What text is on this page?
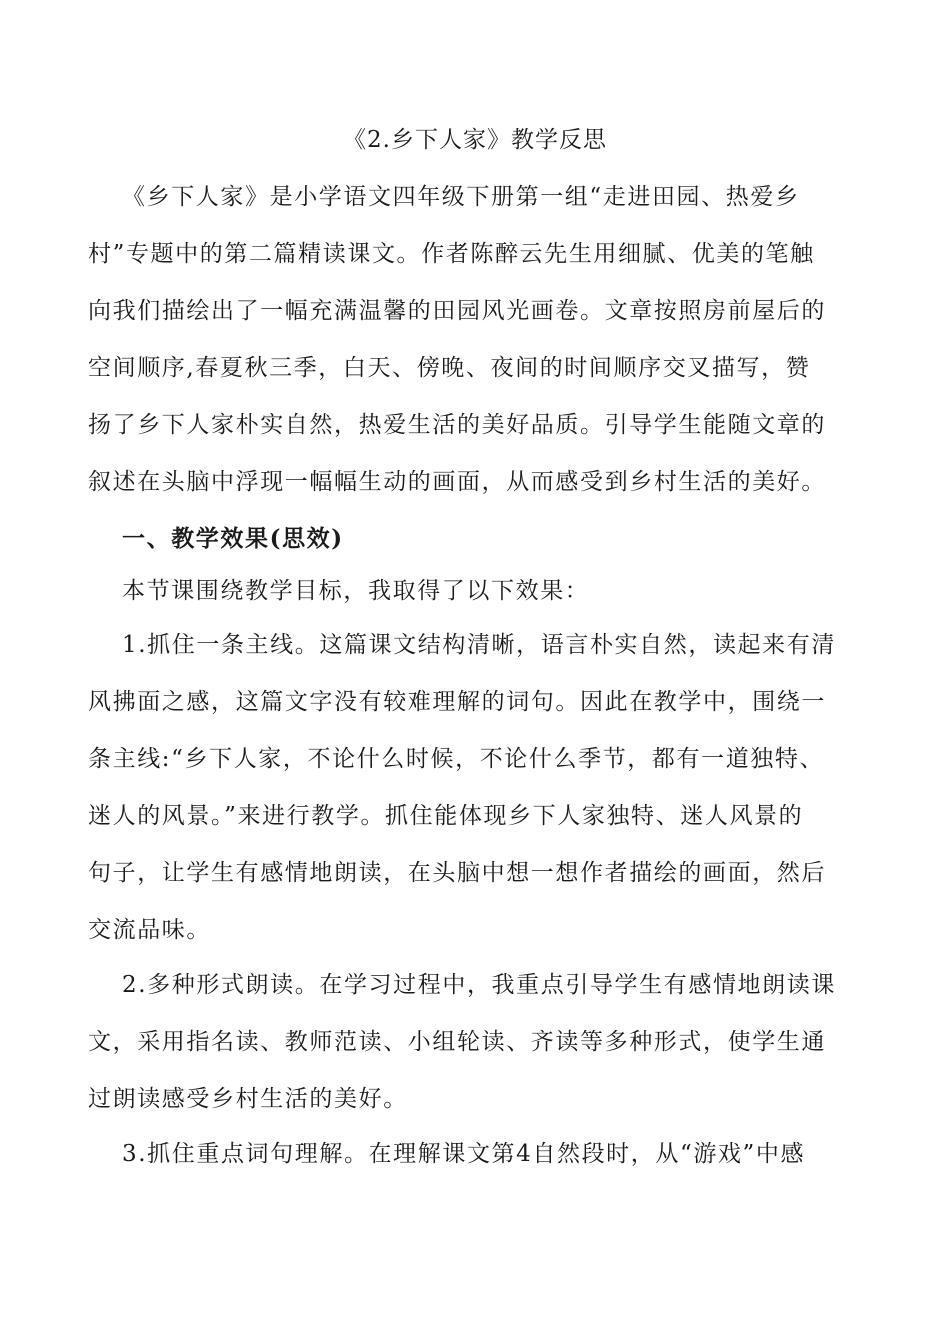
《2.乡下人家》教学反思
《乡下人家》是小学语文四年级下册第一组“走进田园、热爱乡
村”专题中的第二篇精读课文。作者陈醉云先生用细腻、优美的笔触
向我们描绘出了一幅充满温馨的田园风光画卷。文章按照房前屋后的
空间顺序,春夏秋三季，白天、傍晚、夜间的时间顺序交叉描写，赞
扬了乡下人家朴实自然，热爱生活的美好品质。引导学生能随文章的
叙述在头脑中浮现一幅幅生动的画面，从而感受到乡村生活的美好。
一、教学效果(思效)
本节课围绕教学目标，我取得了以下效果：
1.抓住一条主线。这篇课文结构清晰，语言朴实自然，读起来有清
风拂面之感，这篇文字没有较难理解的词句。因此在教学中，围绕一
条主线:“乡下人家，不论什么时候，不论什么季节，都有一道独特、
迷人的风景。”来进行教学。抓住能体现乡下人家独特、迷人风景的
句子，让学生有感情地朗读，在头脑中想一想作者描绘的画面，然后
交流品味。
2.多种形式朗读。在学习过程中，我重点引导学生有感情地朗读课
文，采用指名读、教师范读、小组轮读、齐读等多种形式，使学生通
过朗读感受乡村生活的美好。
3.抓住重点词句理解。在理解课文第4自然段时，从“游戏”中感
